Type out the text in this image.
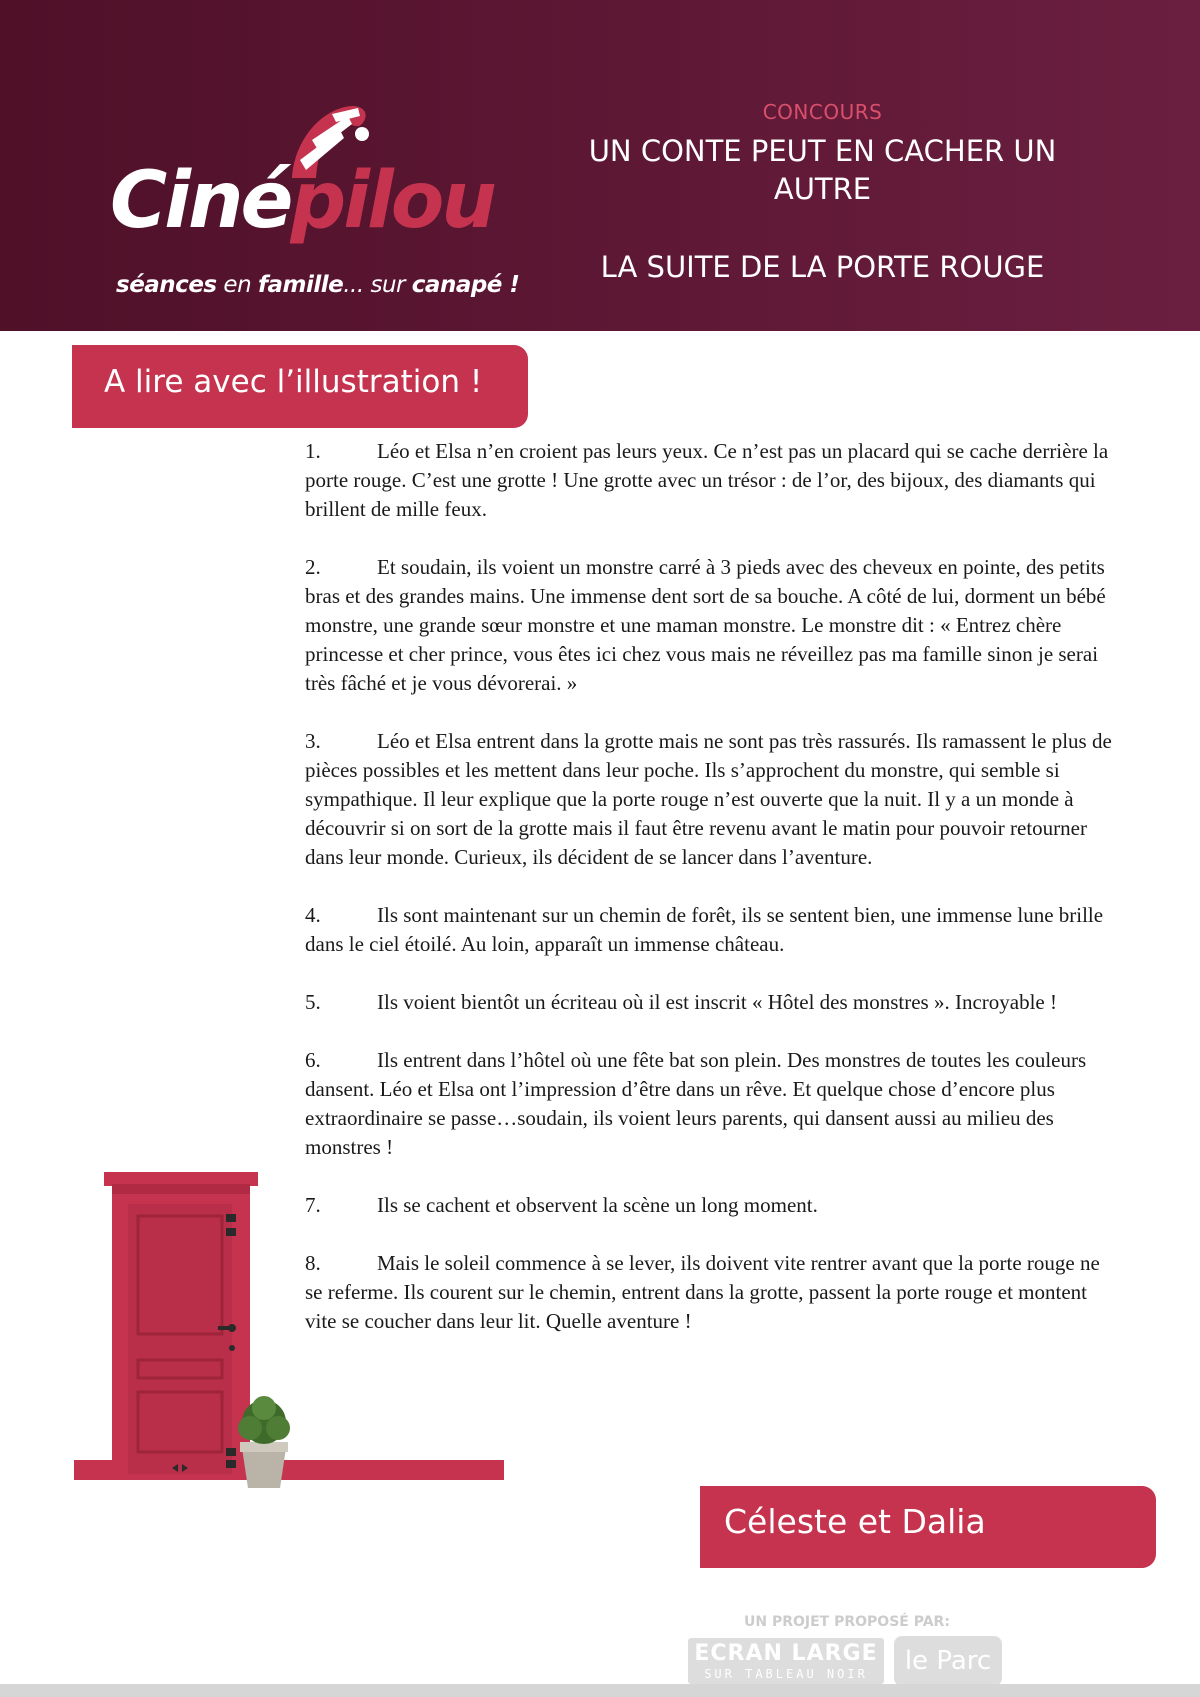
Cinépilou
séances en famille... sur canapé !
CONCOURS
UN CONTE PEUT EN CACHER UN AUTRE
LA SUITE DE LA PORTE ROUGE
A lire avec l’illustration !

1.	Léo et Elsa n’en croient pas leurs yeux. Ce n’est pas un placard qui se cache derrière la porte rouge. C’est une grotte ! Une grotte avec un trésor : de l’or, des bijoux, des diamants qui brillent de mille feux.

2.	Et soudain, ils voient un monstre carré à 3 pieds avec des cheveux en pointe, des petits bras et des grandes mains. Une immense dent sort de sa bouche. A côté de lui, dorment un bébé monstre, une grande sœur monstre et une maman monstre. Le monstre dit : « Entrez chère princesse et cher prince, vous êtes ici chez vous mais ne réveillez pas ma famille sinon je serai très fâché et je vous dévorerai. »

3.	Léo et Elsa entrent dans la grotte mais ne sont pas très rassurés. Ils ramassent le plus de pièces possibles et les mettent dans leur poche. Ils s’approchent du monstre, qui semble si sympathique. Il leur explique que la porte rouge n’est ouverte que la nuit. Il y a un monde à découvrir si on sort de la grotte mais il faut être revenu avant le matin pour pouvoir retourner dans leur monde. Curieux, ils décident de se lancer dans l’aventure.

4.	Ils sont maintenant sur un chemin de forêt, ils se sentent bien, une immense lune brille dans le ciel étoilé. Au loin, apparaît un immense château.

5.	Ils voient bientôt un écriteau où il est inscrit « Hôtel des monstres ». Incroyable !

6.	Ils entrent dans l’hôtel où une fête bat son plein. Des monstres de toutes les couleurs dansent. Léo et Elsa ont l’impression d’être dans un rêve. Et quelque chose d’encore plus extraordinaire se passe…soudain, ils voient leurs parents, qui dansent aussi au milieu des monstres !

7.	Ils se cachent et observent la scène un long moment.

8.	Mais le soleil commence à se lever, ils doivent vite rentrer avant que la porte rouge ne se referme. Ils courent sur le chemin, entrent dans la grotte, passent la porte rouge et montent vite se coucher dans leur lit. Quelle aventure !

Céleste et Dalia
UN PROJET PROPOSÉ PAR:
ECRAN LARGE
SUR TABLEAU NOIR	le Parc
